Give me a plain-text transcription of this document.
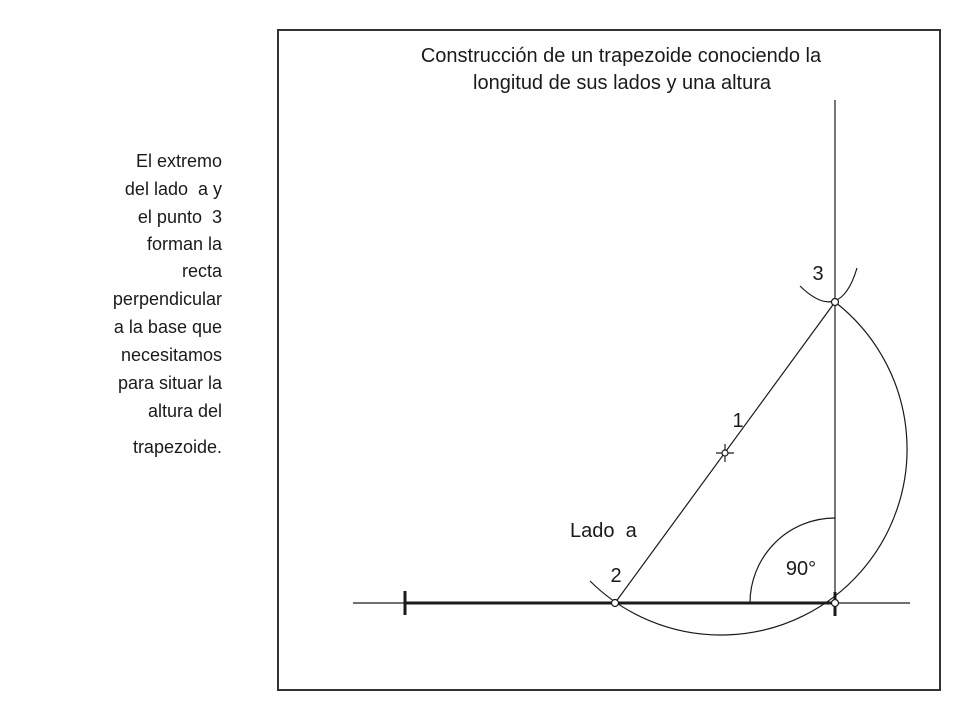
El extremo
del lado  a y
el punto  3
forman la
recta
perpendicular
a la base que
necesitamos
para situar la
altura del
trapezoide.
Construcción de un trapezoide conociendo la
longitud de sus lados y una altura
3
1
Lado  a
2	90°
